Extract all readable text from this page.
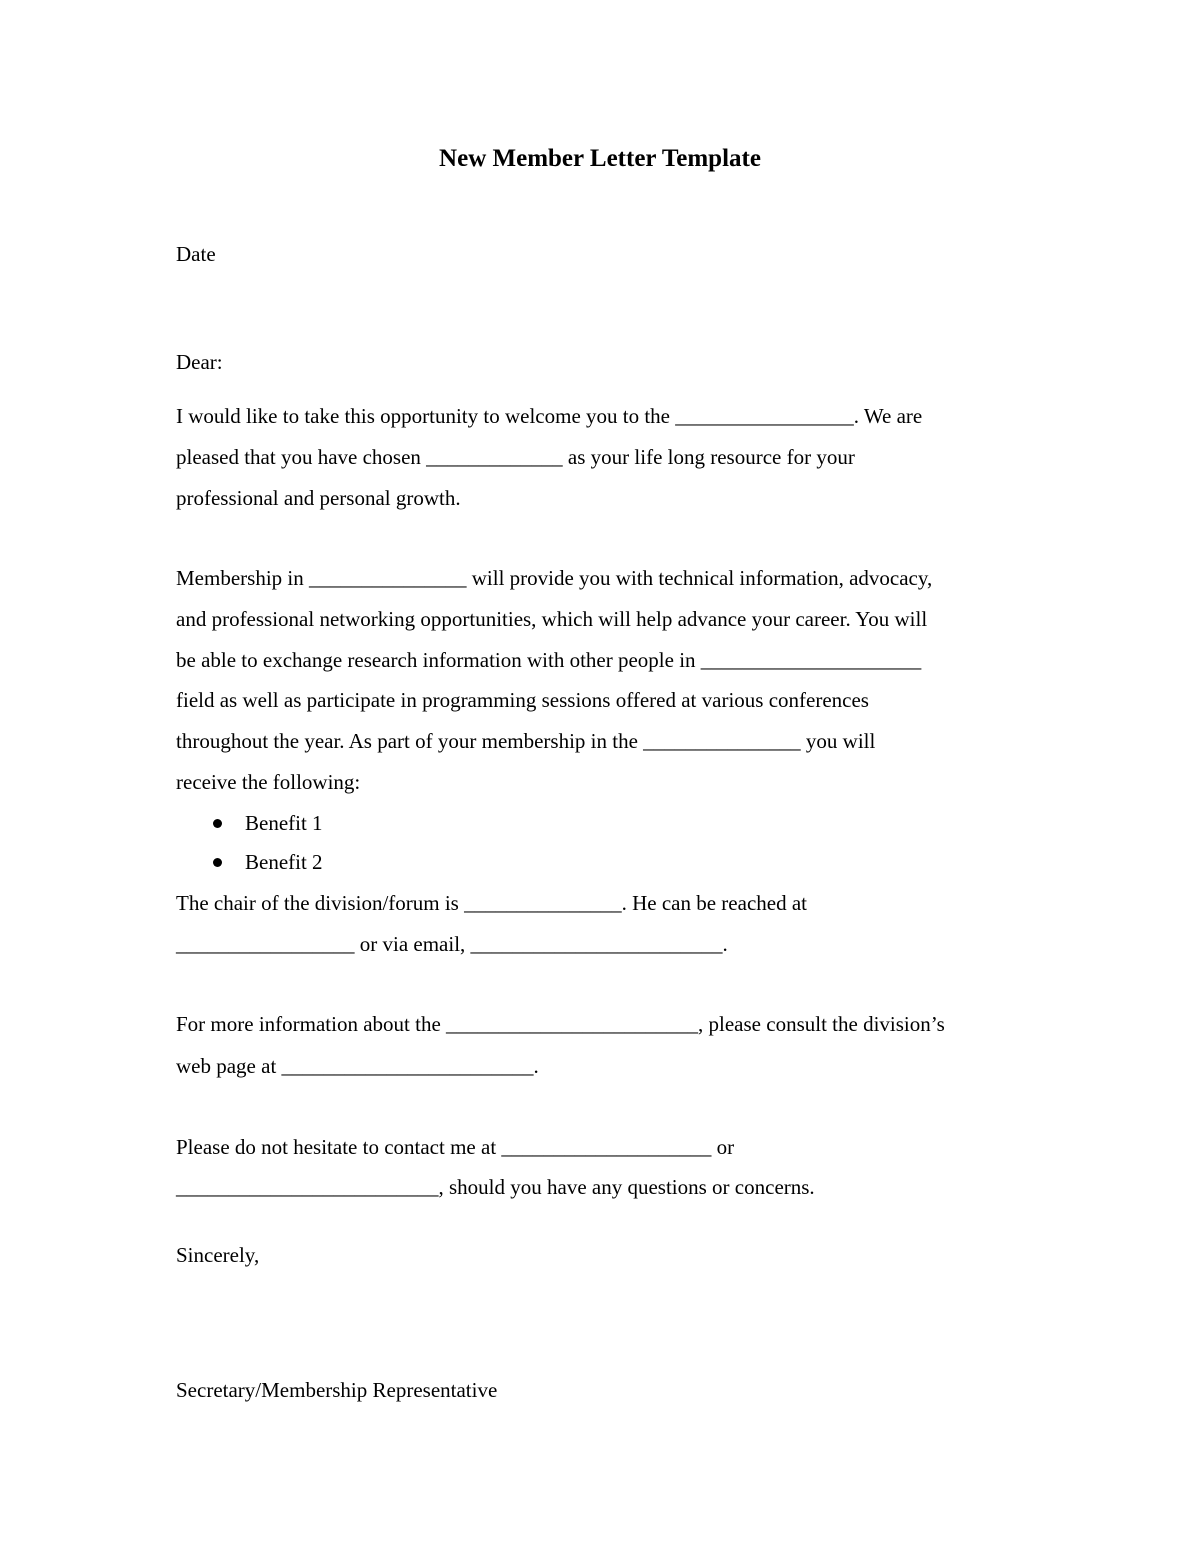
New Member Letter Template
Date
Dear:
I would like to take this opportunity to welcome you to the _________________. We are
pleased that you have chosen _____________ as your life long resource for your
professional and personal growth.
Membership in _______________ will provide you with technical information, advocacy,
and professional networking opportunities, which will help advance your career. You will
be able to exchange research information with other people in _____________________
field as well as participate in programming sessions offered at various conferences
throughout the year. As part of your membership in the _______________ you will
receive the following:
Benefit 1
Benefit 2
The chair of the division/forum is _______________. He can be reached at
_________________ or via email, ________________________.
For more information about the ________________________, please consult the division’s
web page at ________________________.
Please do not hesitate to contact me at ____________________ or
_________________________, should you have any questions or concerns.
Sincerely,
Secretary/Membership Representative
